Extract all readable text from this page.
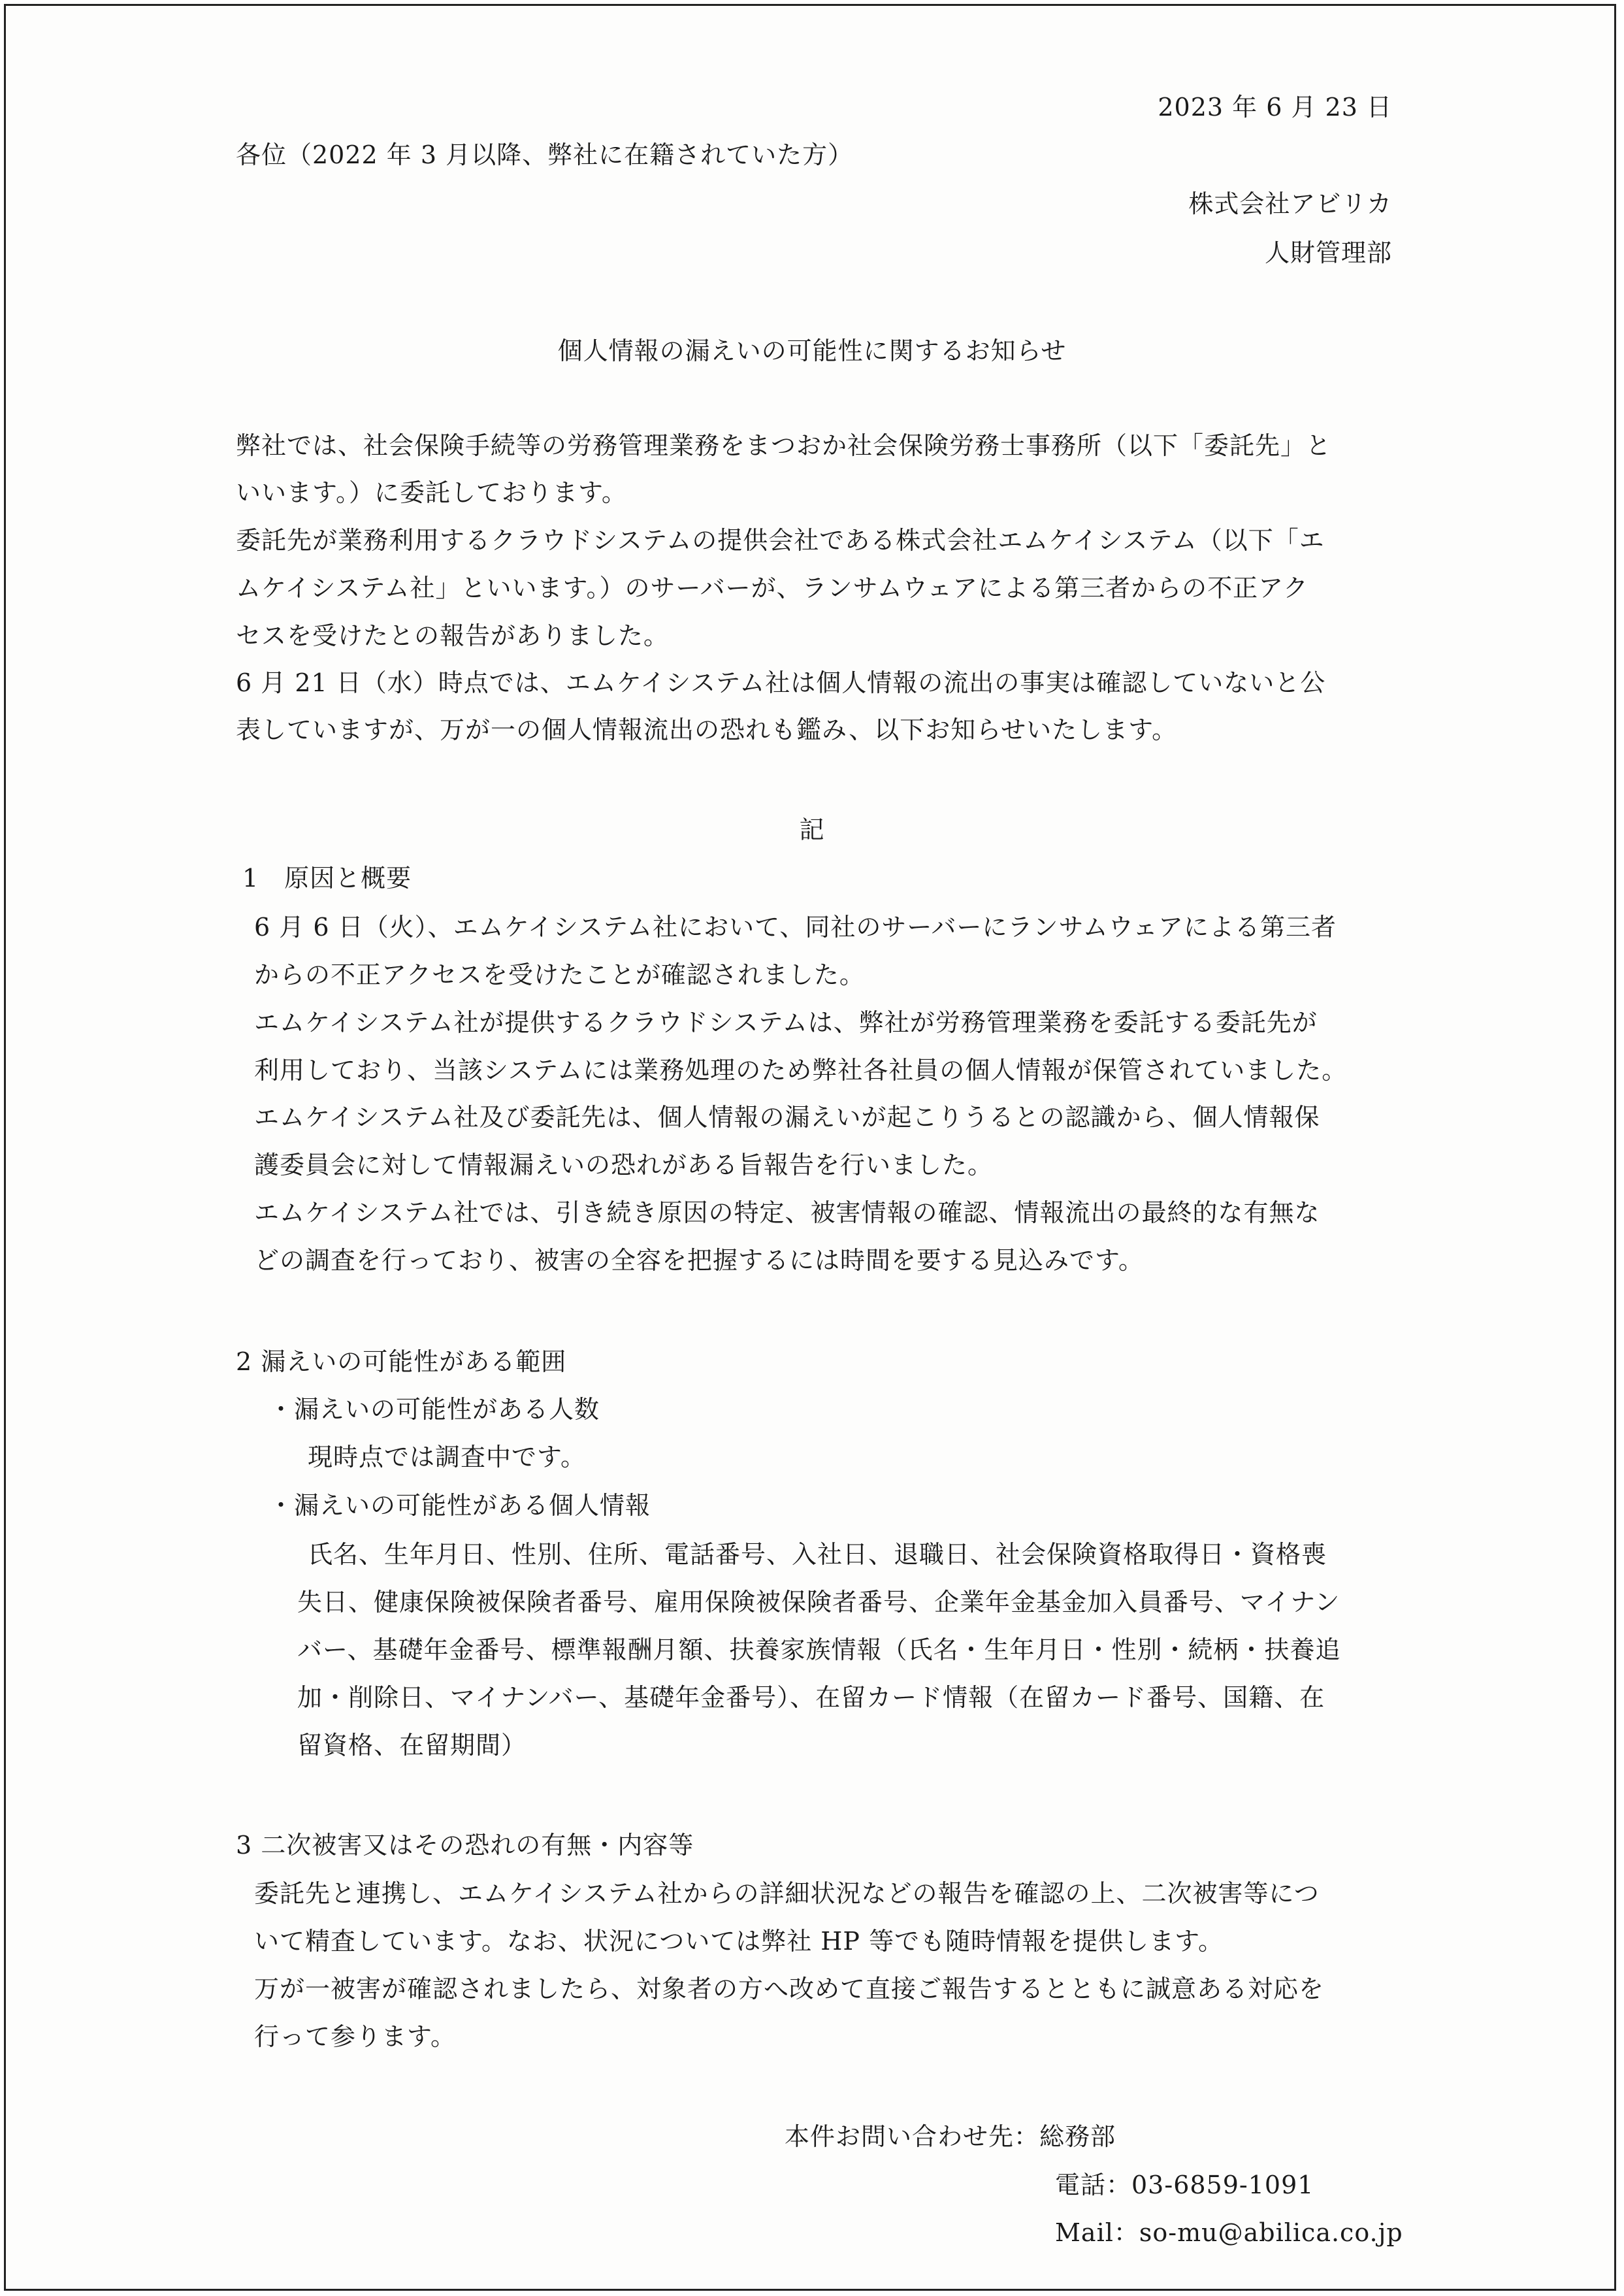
2023 年 6 月 23 日
各位（2022 年 3 月以降、弊社に在籍されていた方）
株式会社アビリカ
人財管理部
個人情報の漏えいの可能性に関するお知らせ
弊社では、社会保険手続等の労務管理業務をまつおか社会保険労務士事務所（以下「委託先」と
いいます。）に委託しております。
委託先が業務利用するクラウドシステムの提供会社である株式会社エムケイシステム（以下「エ
ムケイシステム社」といいます。）のサーバーが、ランサムウェアによる第三者からの不正アク
セスを受けたとの報告がありました。
6 月 21 日（水）時点では、エムケイシステム社は個人情報の流出の事実は確認していないと公
表していますが、万が一の個人情報流出の恐れも鑑み、以下お知らせいたします。
記
1　原因と概要
6 月 6 日（火）、エムケイシステム社において、同社のサーバーにランサムウェアによる第三者
からの不正アクセスを受けたことが確認されました。
エムケイシステム社が提供するクラウドシステムは、弊社が労務管理業務を委託する委託先が
利用しており、当該システムには業務処理のため弊社各社員の個人情報が保管されていました。
エムケイシステム社及び委託先は、個人情報の漏えいが起こりうるとの認識から、個人情報保
護委員会に対して情報漏えいの恐れがある旨報告を行いました。
エムケイシステム社では、引き続き原因の特定、被害情報の確認、情報流出の最終的な有無な
どの調査を行っており、被害の全容を把握するには時間を要する見込みです。
2 漏えいの可能性がある範囲
・漏えいの可能性がある人数
現時点では調査中です。
・漏えいの可能性がある個人情報
氏名、生年月日、性別、住所、電話番号、入社日、退職日、社会保険資格取得日・資格喪
失日、健康保険被保険者番号、雇用保険被保険者番号、企業年金基金加入員番号、マイナン
バー、基礎年金番号、標準報酬月額、扶養家族情報（氏名・生年月日・性別・続柄・扶養追
加・削除日、マイナンバー、基礎年金番号）、在留カード情報（在留カード番号、国籍、在
留資格、在留期間）
3 二次被害又はその恐れの有無・内容等
委託先と連携し、エムケイシステム社からの詳細状況などの報告を確認の上、二次被害等につ
いて精査しています。なお、状況については弊社 HP 等でも随時情報を提供します。
万が一被害が確認されましたら、対象者の方へ改めて直接ご報告するとともに誠意ある対応を
行って参ります。
本件お問い合わせ先：総務部
電話：03-6859-1091
Mail：so-mu@abilica.co.jp
